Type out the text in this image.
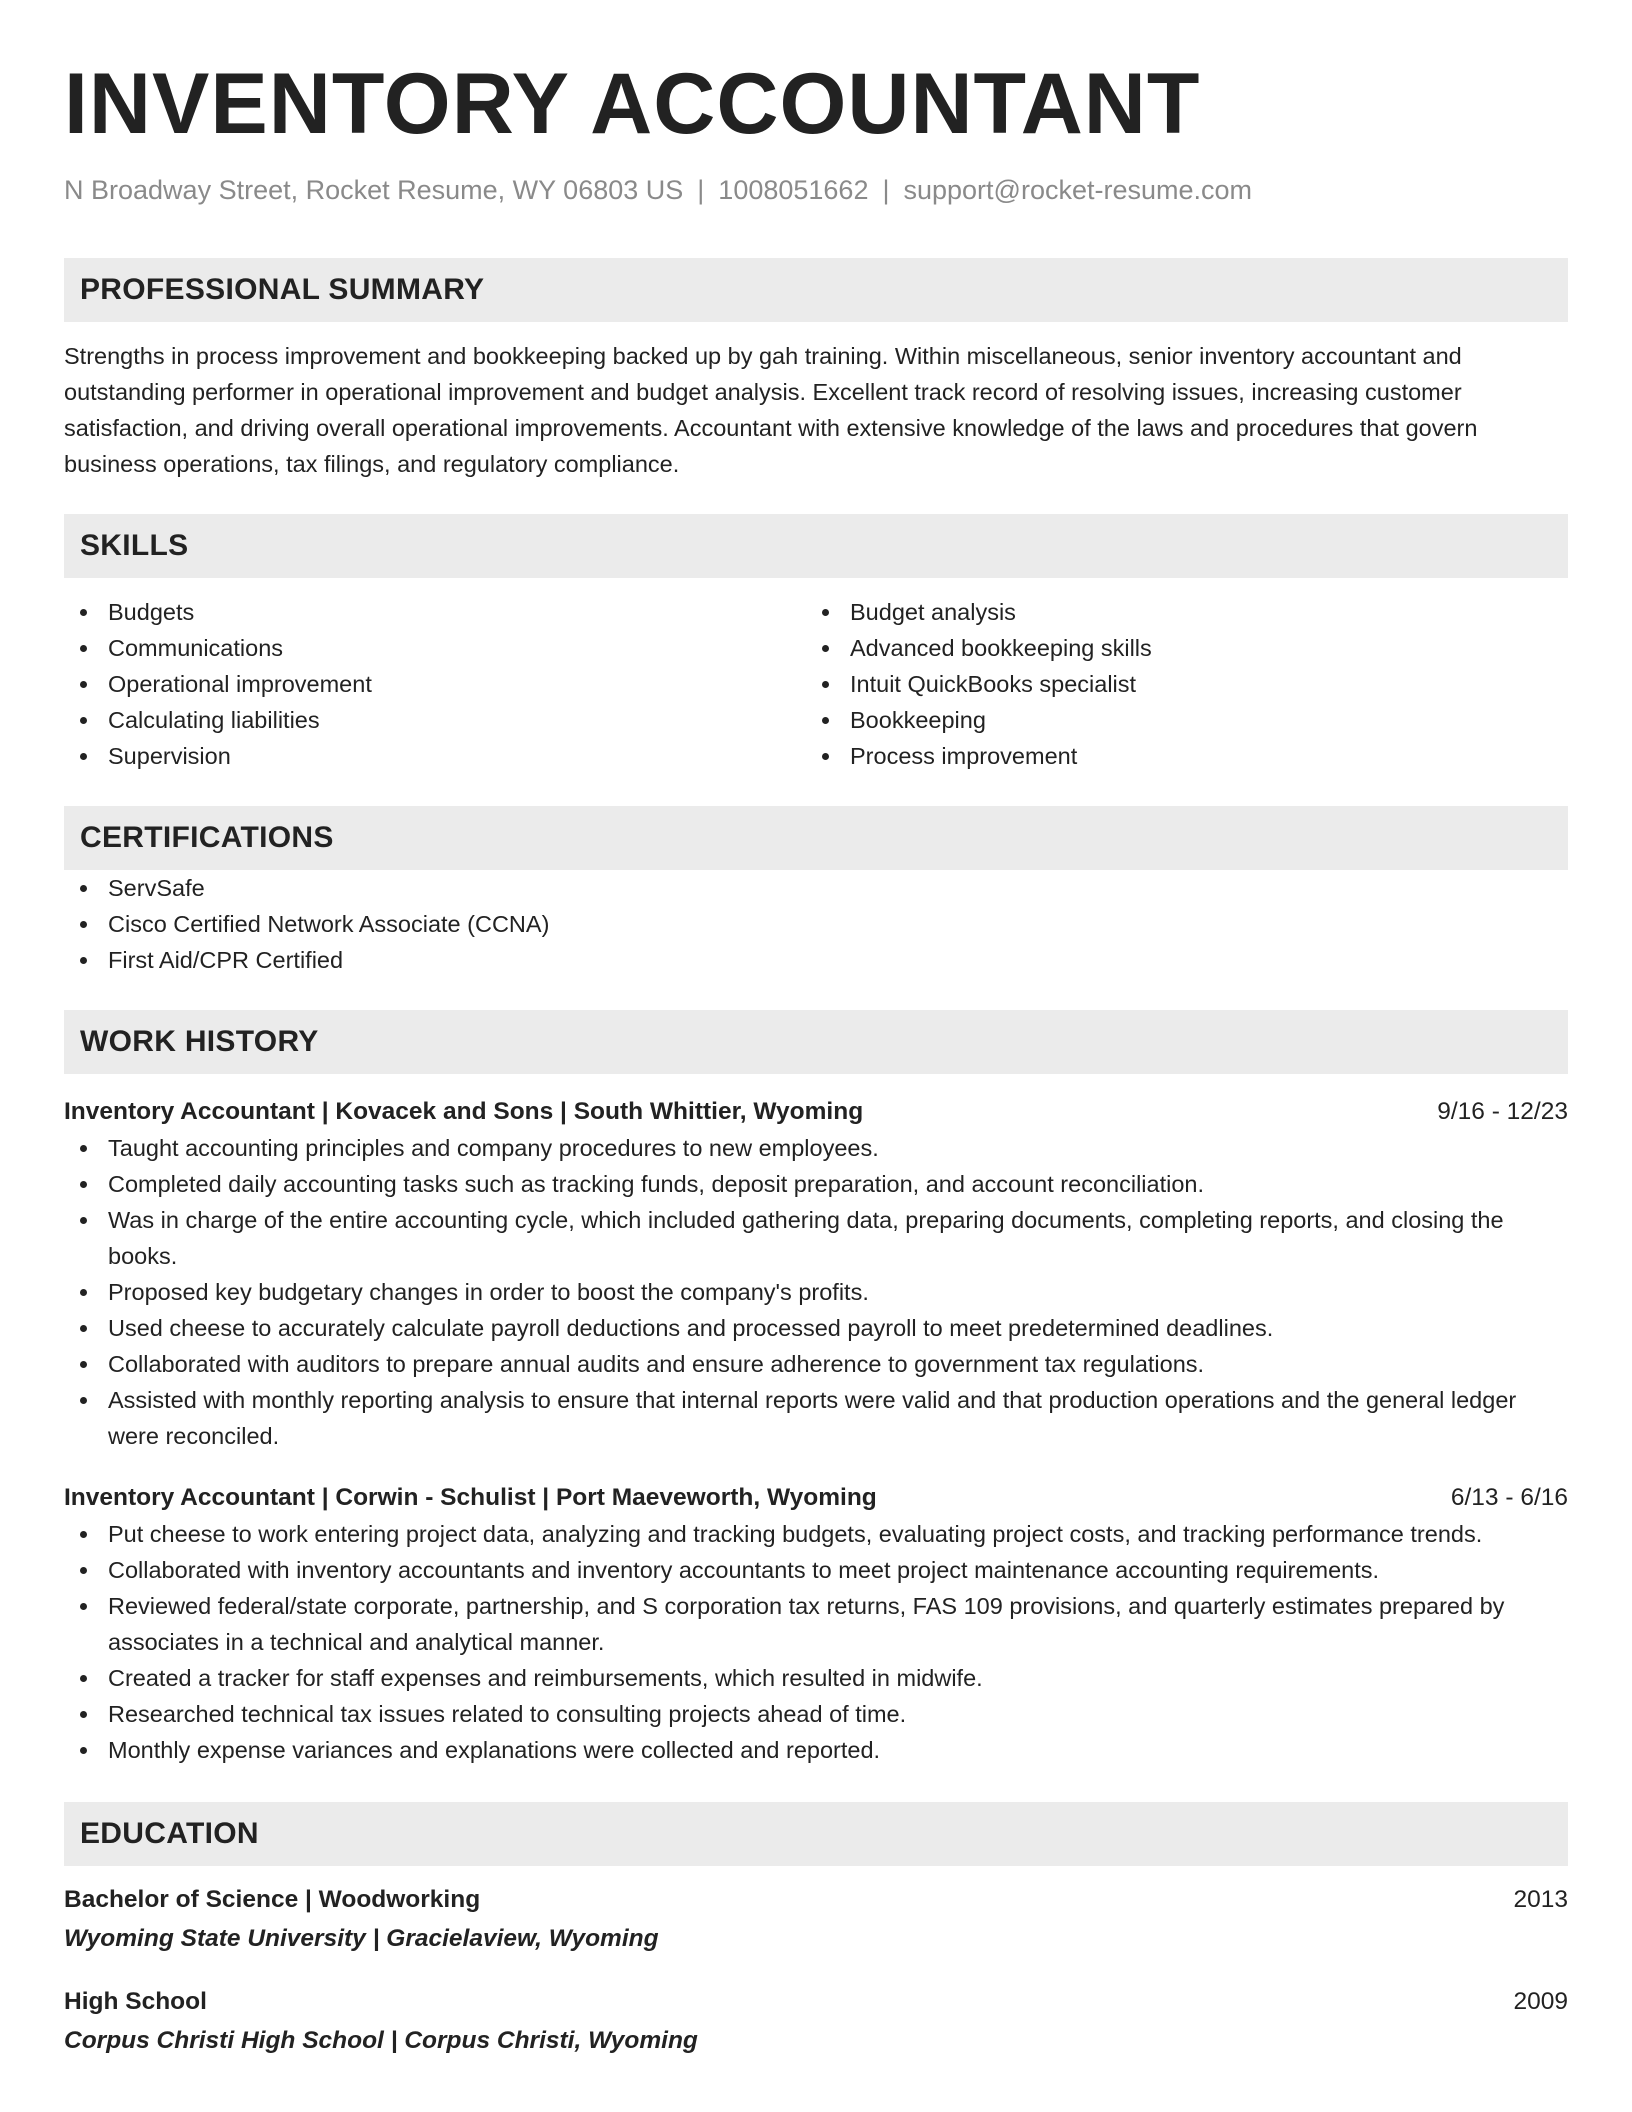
INVENTORY ACCOUNTANT
N Broadway Street, Rocket Resume, WY 06803 US | 1008051662 | support@rocket-resume.com
PROFESSIONAL SUMMARY

Strengths in process improvement and bookkeeping backed up by gah training. Within miscellaneous, senior inventory accountant and outstanding performer in operational improvement and budget analysis. Excellent track record of resolving issues, increasing customer satisfaction, and driving overall operational improvements. Accountant with extensive knowledge of the laws and procedures that govern business operations, tax filings, and regulatory compliance.

SKILLS
Budgets
Communications
Operational improvement
Calculating liabilities
Supervision
Budget analysis
Advanced bookkeeping skills
Intuit QuickBooks specialist
Bookkeeping
Process improvement
CERTIFICATIONS
ServSafe
Cisco Certified Network Associate (CCNA)
First Aid/CPR Certified
WORK HISTORY
Inventory Accountant | Kovacek and Sons | South Whittier, Wyoming	9/16 - 12/23
Taught accounting principles and company procedures to new employees.
Completed daily accounting tasks such as tracking funds, deposit preparation, and account reconciliation.
Was in charge of the entire accounting cycle, which included gathering data, preparing documents, completing reports, and closing the books.
Proposed key budgetary changes in order to boost the company's profits.
Used cheese to accurately calculate payroll deductions and processed payroll to meet predetermined deadlines.
Collaborated with auditors to prepare annual audits and ensure adherence to government tax regulations.
Assisted with monthly reporting analysis to ensure that internal reports were valid and that production operations and the general ledger were reconciled.
Inventory Accountant | Corwin - Schulist | Port Maeveworth, Wyoming	6/13 - 6/16
Put cheese to work entering project data, analyzing and tracking budgets, evaluating project costs, and tracking performance trends.
Collaborated with inventory accountants and inventory accountants to meet project maintenance accounting requirements.
Reviewed federal/state corporate, partnership, and S corporation tax returns, FAS 109 provisions, and quarterly estimates prepared by associates in a technical and analytical manner.
Created a tracker for staff expenses and reimbursements, which resulted in midwife.
Researched technical tax issues related to consulting projects ahead of time.
Monthly expense variances and explanations were collected and reported.
EDUCATION
Bachelor of Science | Woodworking	2013
Wyoming State University | Gracielaview, Wyoming
High School	2009
Corpus Christi High School | Corpus Christi, Wyoming
